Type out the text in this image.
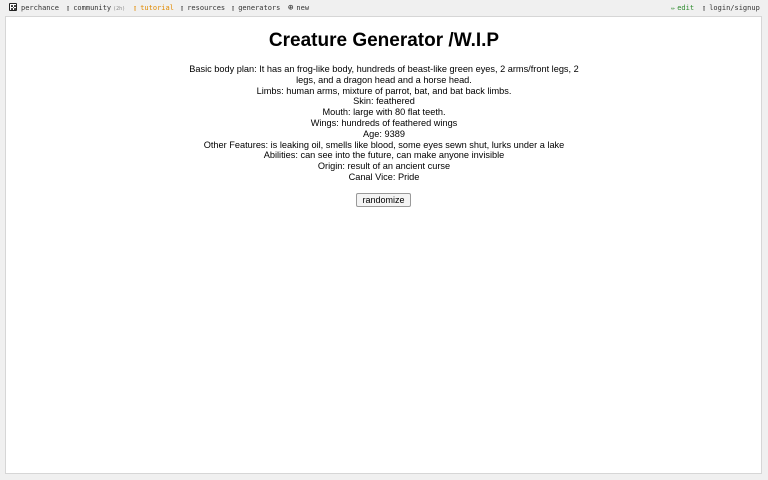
perchance ▯ community (2h) ▯ tutorial ▯ resources ▯ generators ⊕ new	✏ edit ▯ login/signup
Creature Generator /W.I.P
Basic body plan: It has an frog-like body, hundreds of beast-like green eyes, 2 arms/front legs, 2 legs, and a dragon head and a horse head.
Limbs: human arms, mixture of parrot, bat, and bat back limbs.
Skin: feathered
Mouth: large with 80 flat teeth.
Wings: hundreds of feathered wings
Age: 9389
Other Features: is leaking oil, smells like blood, some eyes sewn shut, lurks under a lake
Abilities: can see into the future, can make anyone invisible
Origin: result of an ancient curse
Canal Vice: Pride
randomize
